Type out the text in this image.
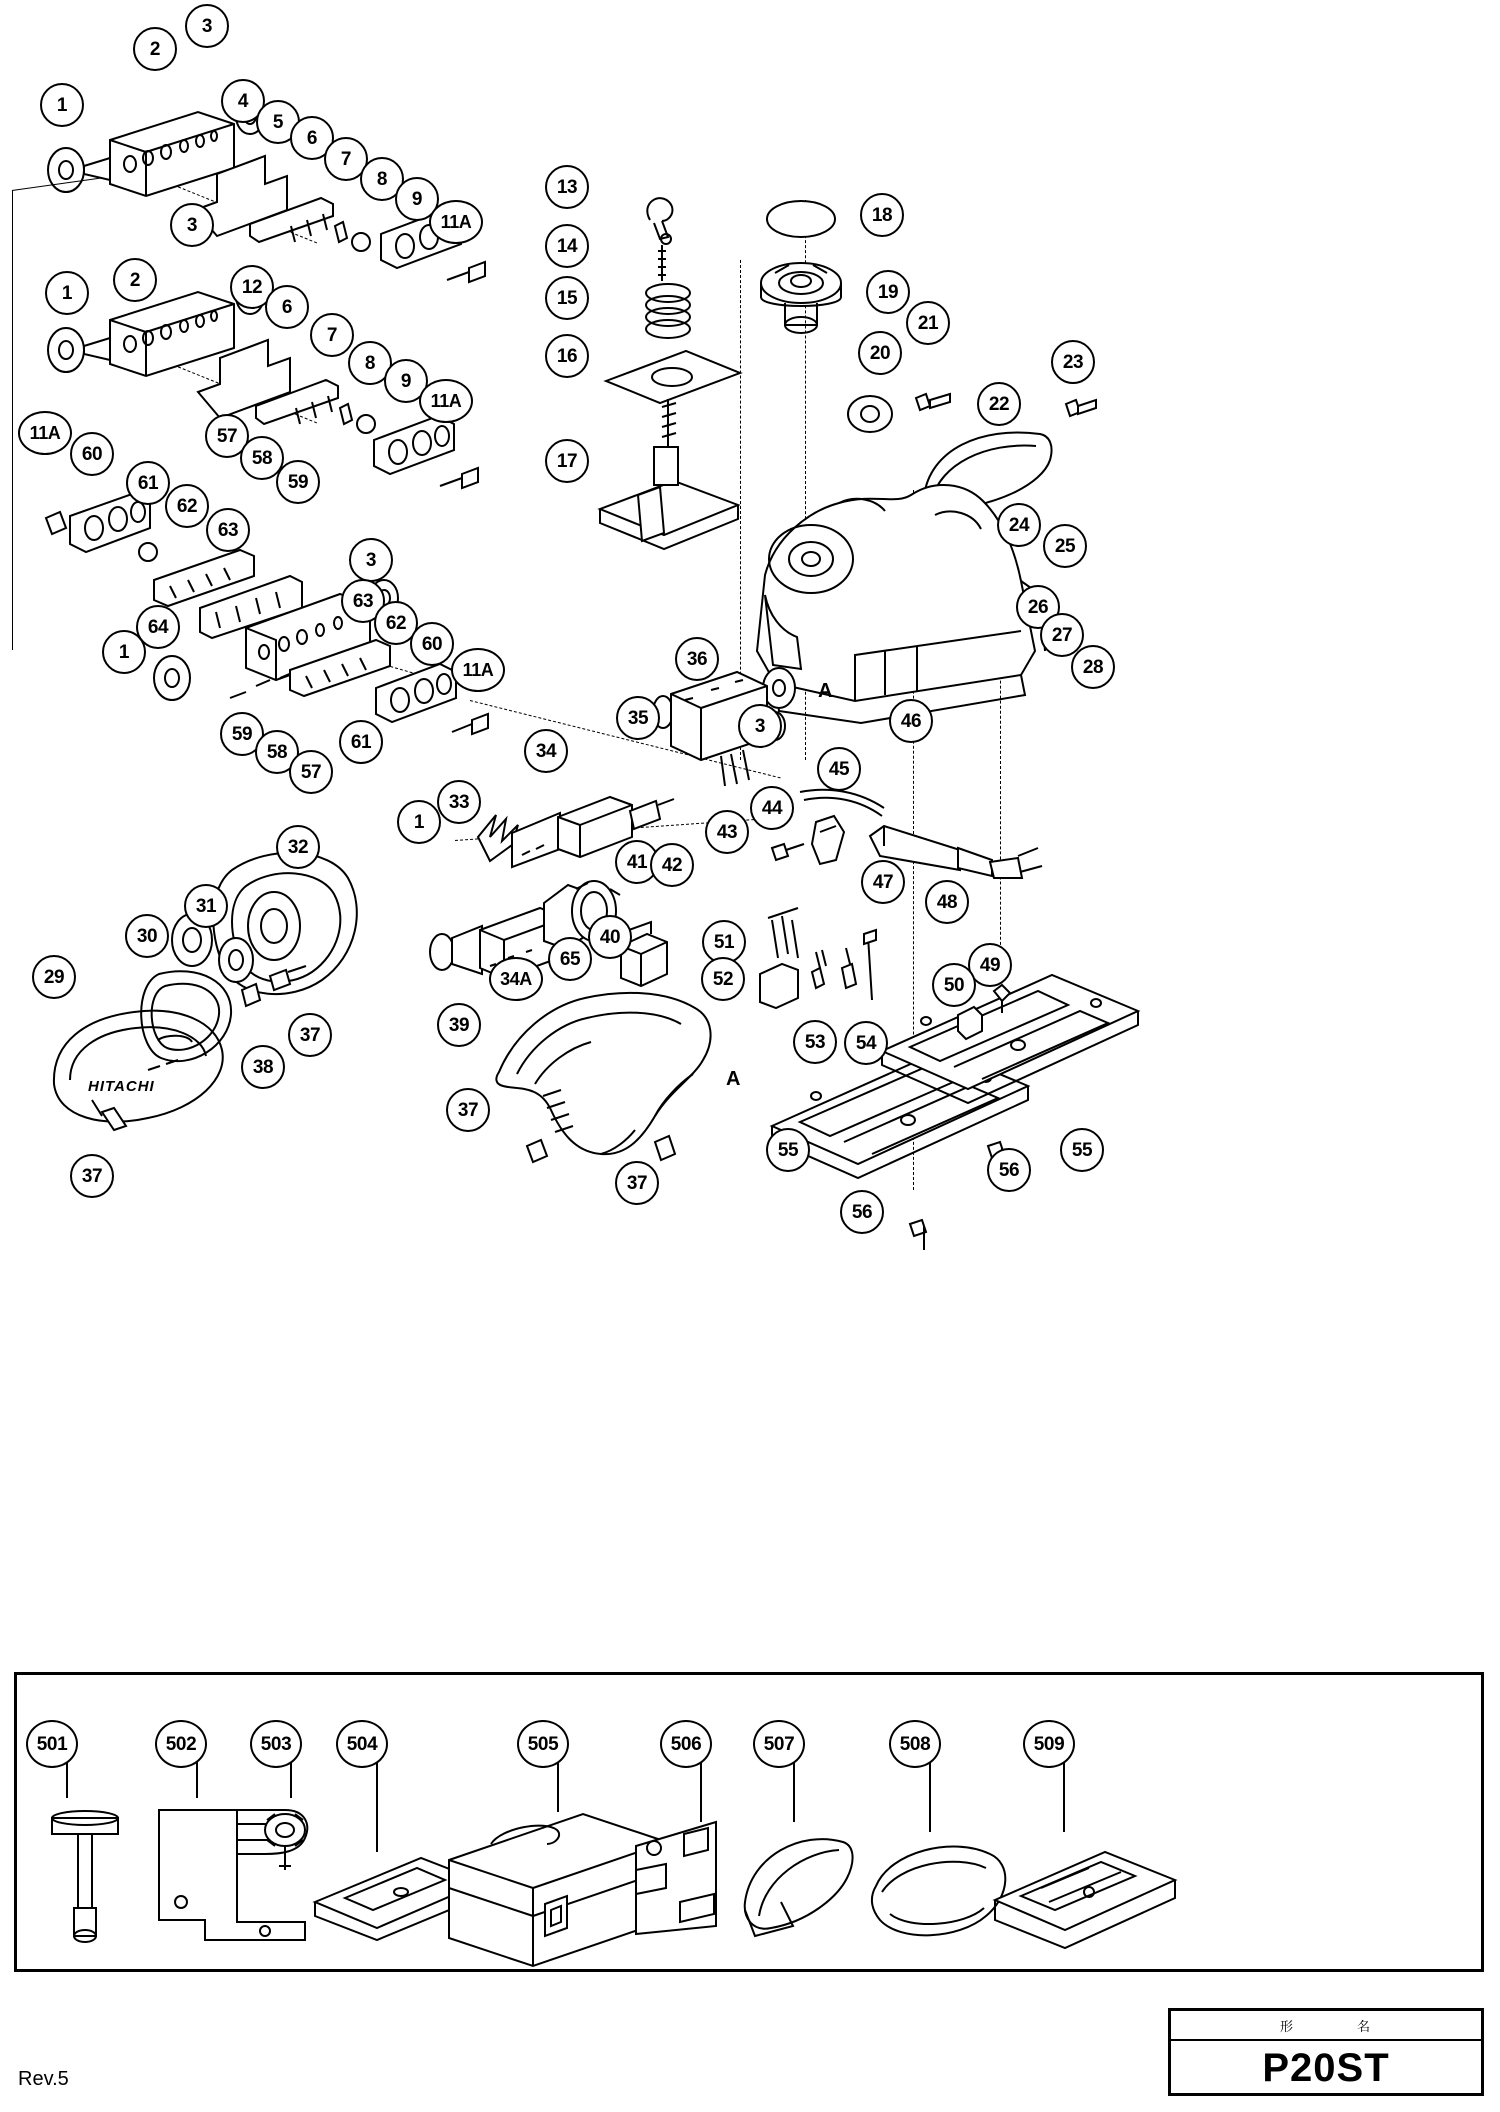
A
A
HITACHI
Rev.5
形	名
P20ST
3
2
4
1
5
6
7
8
9
11A
13
18
3
2
14
19
12
15
1
6
7
21
16	20	23
8
9
22
11A
11A
17
57
60	58
61	59
62
24
63
25
3
26
63
27
62
64
28
60
1	36
11A
3	46
35
59	61
58	34
57	45
33	44
1
41
43
42
47
32
48
40
49
31
51
65
30
50
52
34A
29
39
53	54
37
38
37
55
37
55
56
37
56
501	502	503	504	505	506	507	508	509
